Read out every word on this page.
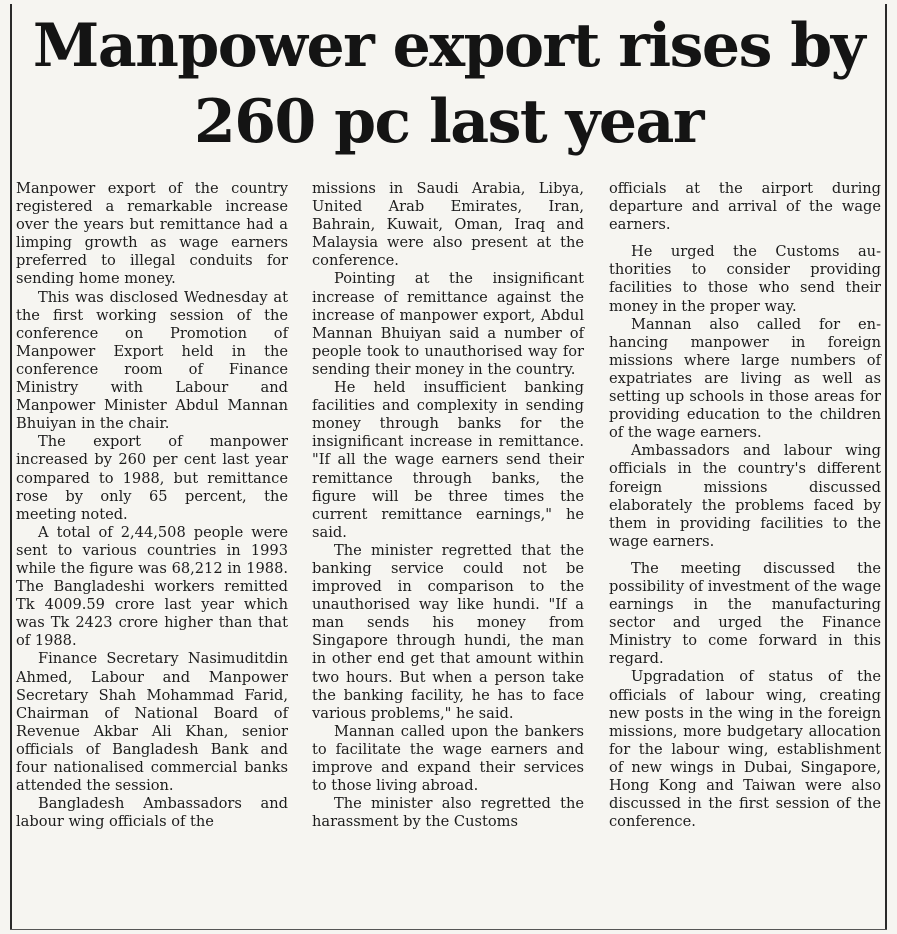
Manpower export rises by 260 pc last year

Manpower export of the country registered a remarkable increase over the years but remittance had a limping growth as wage earners preferred to illegal conduits for sending home money.

This was disclosed Wednesday at the first working session of the conference on Promotion of Manpower Export held in the conference room of Finance Ministry with Labour and Manpower Minister Abdul Mannan Bhuiyan in the chair.

The export of manpower increased by 260 per cent last year compared to 1988, but remittance rose by only 65 percent, the meeting noted.

A total of 2,44,508 people were sent to various countries in 1993 while the figure was 68,212 in 1988. The Bangladeshi workers remitted Tk 4009.59 crore last year which was Tk 2423 crore higher than that of 1988.

Finance Secretary Nasimuditdin Ahmed, Labour and Manpower Secretary Shah Mohammad Farid, Chairman of National Board of Revenue Akbar Ali Khan, senior officials of Bangladesh Bank and four nationalised commercial banks attended the session.

Bangladesh Ambassadors and labour wing officials of the

missions in Saudi Arabia, Libya, United Arab Emirates, Iran, Bahrain, Kuwait, Oman, Iraq and Malaysia were also present at the conference.

Pointing at the insignificant increase of remittance against the increase of manpower export, Abdul Mannan Bhuiyan said a number of people took to unauthorised way for sending their money in the country.

He held insufficient banking facilities and complexity in sending money through banks for the insignificant increase in remittance. "If all the wage earners send their remittance through banks, the figure will be three times the current remittance earnings," he said.

The minister regretted that the banking service could not be improved in comparison to the unauthorised way like hundi. "If a man sends his money from Singapore through hundi, the man in other end get that amount within two hours. But when a person take the banking facility, he has to face various problems," he said.

Mannan called upon the bankers to facilitate the wage earners and improve and expand their services to those living abroad.

The minister also regretted the harassment by the Customs

officials at the airport during departure and arrival of the wage earners.

He urged the Customs authorities to consider providing facilities to those who send their money in the proper way.

Mannan also called for enhancing manpower in foreign missions where large numbers of expatriates are living as well as setting up schools in those areas for providing education to the children of the wage earners.

Ambassadors and labour wing officials in the country's different foreign missions discussed elaborately the problems faced by them in providing facilities to the wage earners.

The meeting discussed the possibility of investment of the wage earnings in the manufacturing sector and urged the Finance Ministry to come forward in this regard.

Upgradation of status of the officials of labour wing, creating new posts in the wing in the foreign missions, more budgetary allocation for the labour wing, establishment of new wings in Dubai, Singapore, Hong Kong and Taiwan were also discussed in the first session of the conference.
